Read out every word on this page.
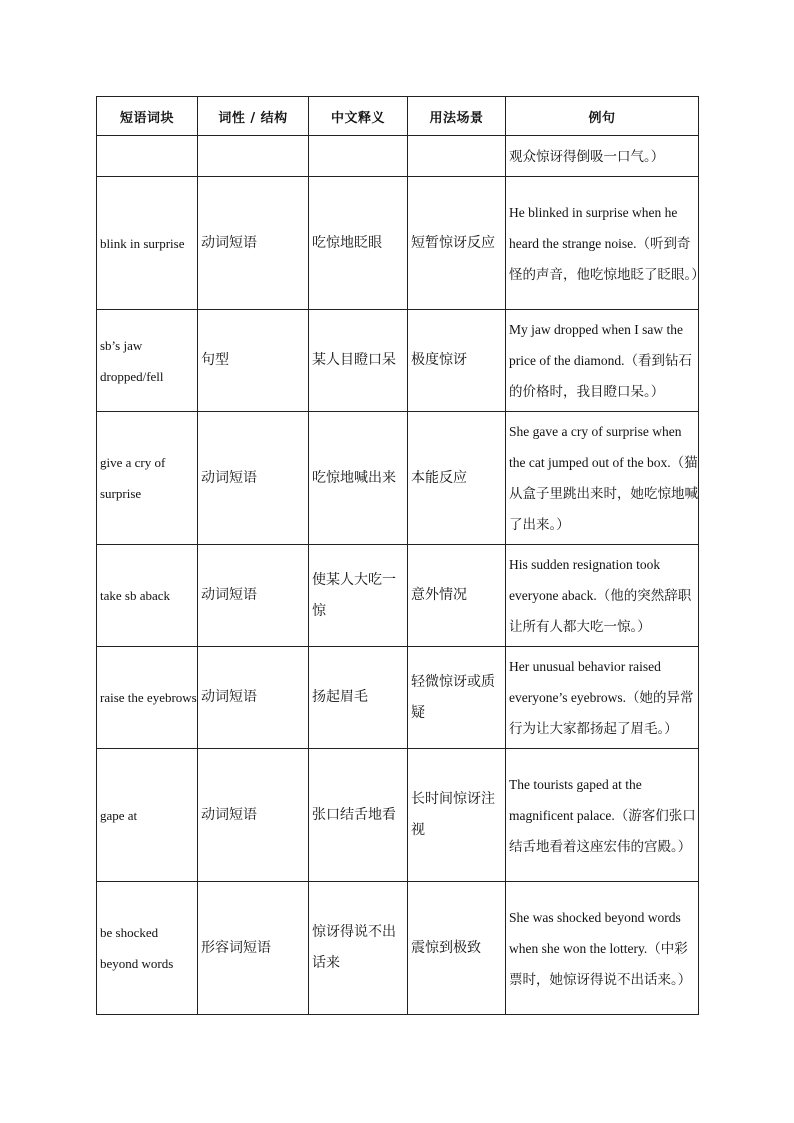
短语词块	词性 / 结构	中文释义	用法场景	例句

				观众惊讶得倒吸一口气。）

blink in surprise	动词短语	吃惊地眨眼	短暂惊讶反应	He blinked in surprise when he heard the strange noise.（听到奇怪的声音，他吃惊地眨了眨眼。）

sb’s jaw dropped/fell	句型	某人目瞪口呆	极度惊讶	My jaw dropped when I saw the price of the diamond.（看到钻石的价格时，我目瞪口呆。）

give a cry of surprise	动词短语	吃惊地喊出来	本能反应	She gave a cry of surprise when the cat jumped out of the box.（猫从盒子里跳出来时，她吃惊地喊了出来。）

take sb aback	动词短语	使某人大吃一惊	意外情况	His sudden resignation took everyone aback.（他的突然辞职让所有人都大吃一惊。）

raise the eyebrows	动词短语	扬起眉毛	轻微惊讶或质疑	Her unusual behavior raised everyone’s eyebrows.（她的异常行为让大家都扬起了眉毛。）

gape at	动词短语	张口结舌地看	长时间惊讶注视	The tourists gaped at the magnificent palace.（游客们张口结舌地看着这座宏伟的宫殿。）

be shocked beyond words	形容词短语	惊讶得说不出话来	震惊到极致	She was shocked beyond words when she won the lottery.（中彩票时，她惊讶得说不出话来。）
